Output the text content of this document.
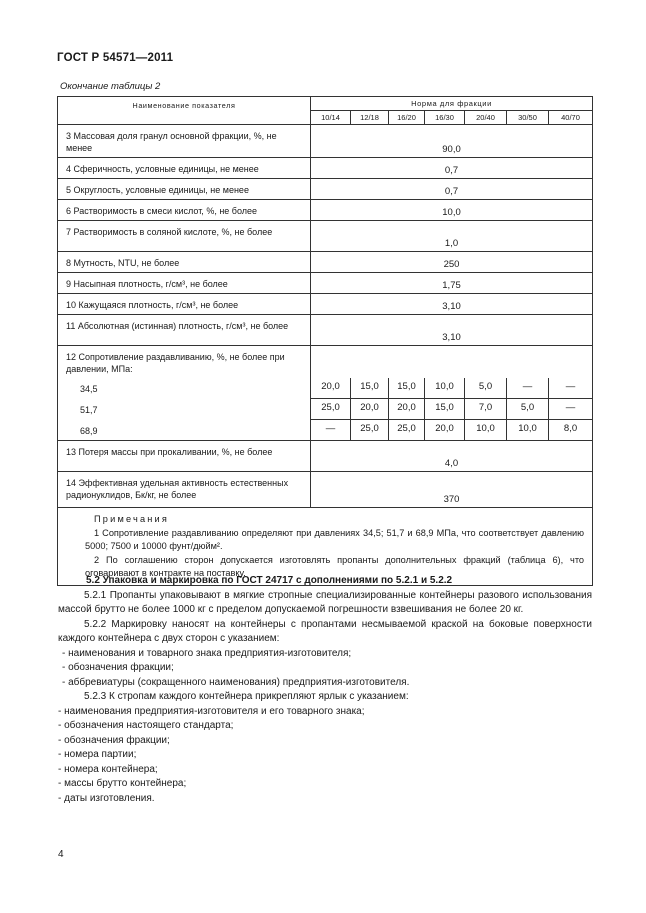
ГОСТ Р 54571—2011
Окончание таблицы 2
Наименование показателя	Норма для фракции						
	10/14	12/18	16/20	16/30	20/40	30/50	40/70
3 Массовая доля гранул основной фракции, %, не менее	90,0						
4 Сферичность, условные единицы, не менее	0,7						
5 Округлость, условные единицы, не менее	0,7						
6 Растворимость в смеси кислот, %, не более	10,0						
7 Растворимость в соляной кислоте, %, не более	1,0						
8 Мутность, NTU, не более	250						
9 Насыпная плотность, г/см³, не более	1,75						
10 Кажущаяся плотность, г/см³, не более	3,10						
11 Абсолютная (истинная) плотность, г/см³, не более	3,10						
12 Сопротивление раздавливанию, %, не более при давлении, МПа:							
34,5	20,0	15,0	15,0	10,0	5,0	—	—
51,7	25,0	20,0	20,0	15,0	7,0	5,0	—
68,9	—	25,0	25,0	20,0	10,0	10,0	8,0
13 Потеря массы при прокаливании, %, не более	4,0						
14 Эффективная удельная активность естественных радионуклидов, Бк/кг, не более	370						

Примечания

1 Сопротивление раздавливанию определяют при давлениях 34,5; 51,7 и 68,9 МПа, что соответствует давлению 5000; 7500 и 10000 фунт/дюйм².

2 По соглашению сторон допускается изготовлять пропанты дополнительных фракций (таблица 6), что оговаривают в контракте на поставку.							

5.2 Упаковка и маркировка по ГОСТ 24717 с дополнениями по 5.2.1 и 5.2.2

5.2.1 Пропанты упаковывают в мягкие стропные специализированные контейнеры разового использования массой брутто не более 1000 кг с пределом допускаемой погрешности взвешивания не более 20 кг.

5.2.2 Маркировку наносят на контейнеры с пропантами несмываемой краской на боковые поверхности каждого контейнера с двух сторон с указанием:

- наименования и товарного знака предприятия-изготовителя;

- обозначения фракции;

- аббревиатуры (сокращенного наименования) предприятия-изготовителя.

5.2.3 К стропам каждого контейнера прикрепляют ярлык с указанием:

- наименования предприятия-изготовителя и его товарного знака;

- обозначения настоящего стандарта;

- обозначения фракции;

- номера партии;

- номера контейнера;

- массы брутто контейнера;

- даты изготовления.

4
